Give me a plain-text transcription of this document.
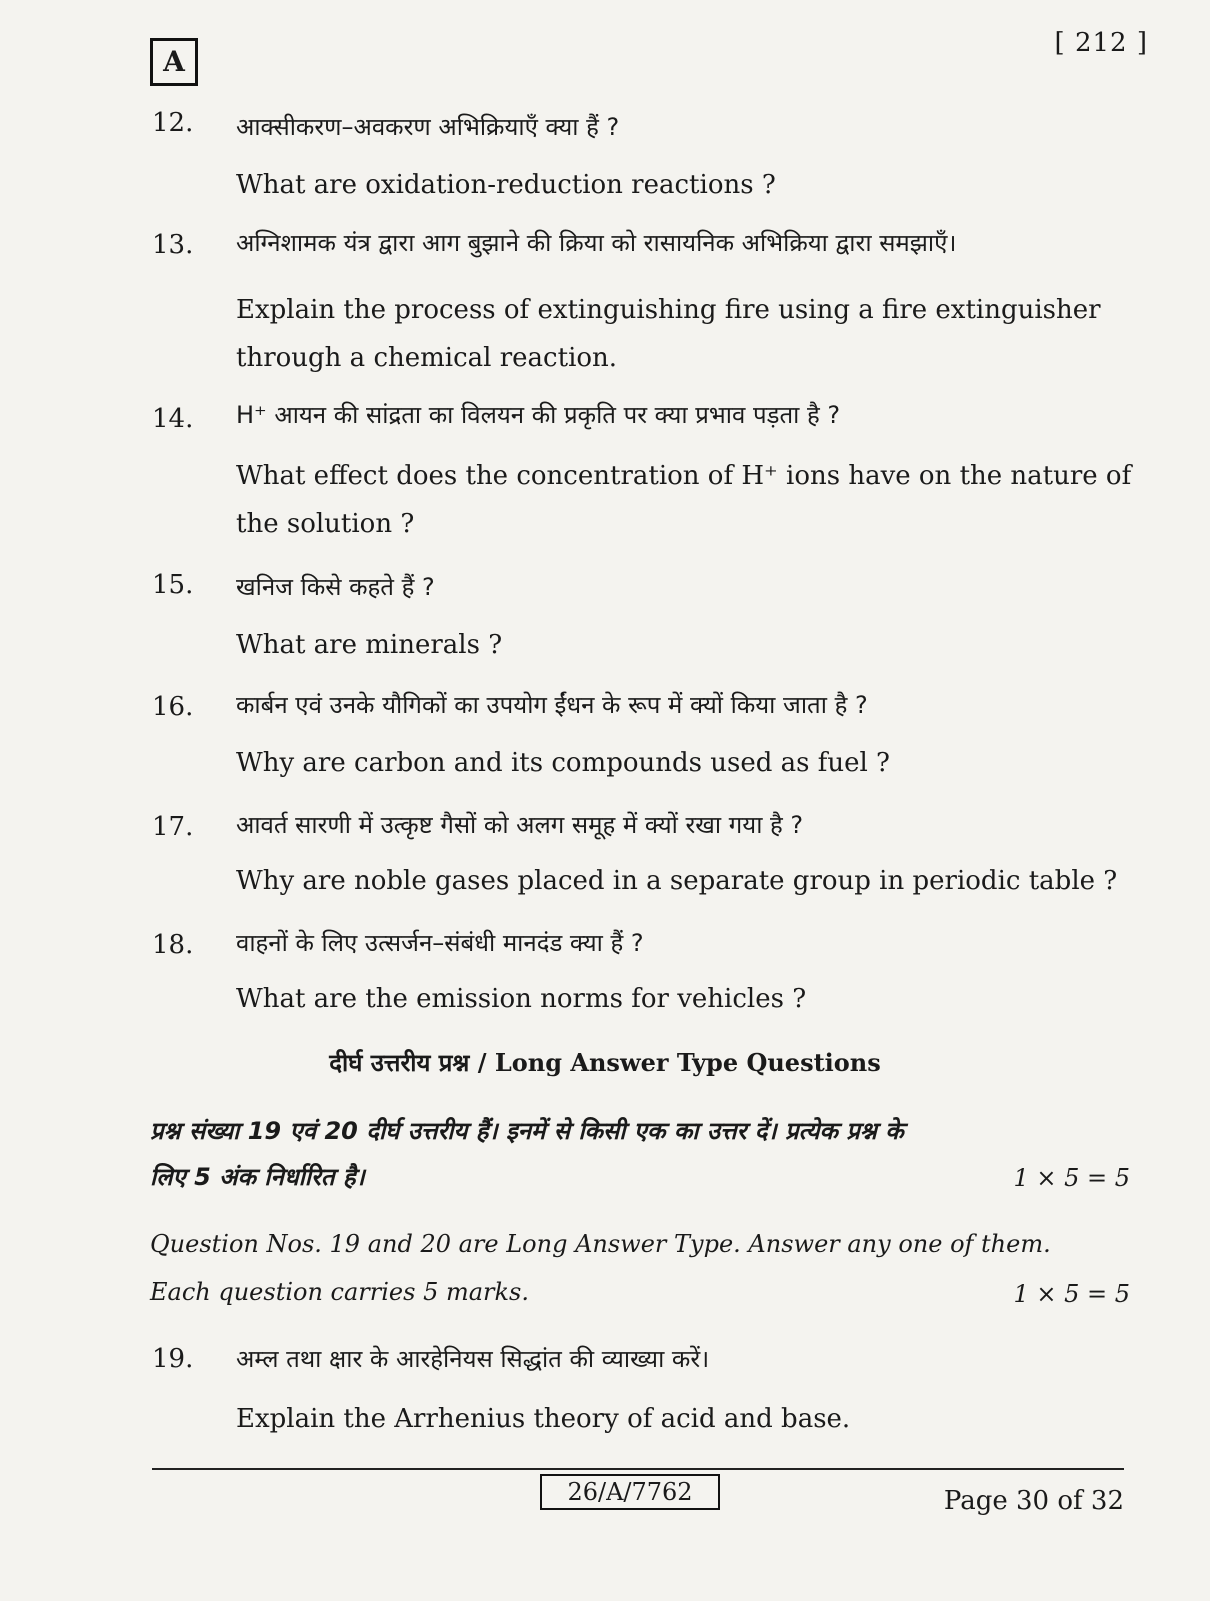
A
[ 212 ]
12. आक्सीकरण–अवकरण अभिक्रियाएँ क्या हैं ?
What are oxidation-reduction reactions ?
13. अग्निशामक यंत्र द्वारा आग बुझाने की क्रिया को रासायनिक अभिक्रिया द्वारा समझाएँ।
Explain the process of extinguishing fire using a fire extinguisher through a chemical reaction.
14. H⁺ आयन की सांद्रता का विलयन की प्रकृति पर क्या प्रभाव पड़ता है ?
What effect does the concentration of H⁺ ions have on the nature of the solution ?
15. खनिज किसे कहते हैं ?
What are minerals ?
16. कार्बन एवं उनके यौगिकों का उपयोग ईंधन के रूप में क्यों किया जाता है ?
Why are carbon and its compounds used as fuel ?
17. आवर्त सारणी में उत्कृष्ट गैसों को अलग समूह में क्यों रखा गया है ?
Why are noble gases placed in a separate group in periodic table ?
18. वाहनों के लिए उत्सर्जन–संबंधी मानदंड क्या हैं ?
What are the emission norms for vehicles ?
दीर्घ उत्तरीय प्रश्न / Long Answer Type Questions
प्रश्न संख्या 19 एवं 20 दीर्घ उत्तरीय हैं। इनमें से किसी एक का उत्तर दें। प्रत्येक प्रश्न के
लिए 5 अंक निर्धारित है।	1 × 5 = 5
Question Nos. 19 and 20 are Long Answer Type. Answer any one of them.
Each question carries 5 marks.	1 × 5 = 5
19. अम्ल तथा क्षार के आरहेनियस सिद्धांत की व्याख्या करें।
Explain the Arrhenius theory of acid and base.
26/A/7762	Page 30 of 32
